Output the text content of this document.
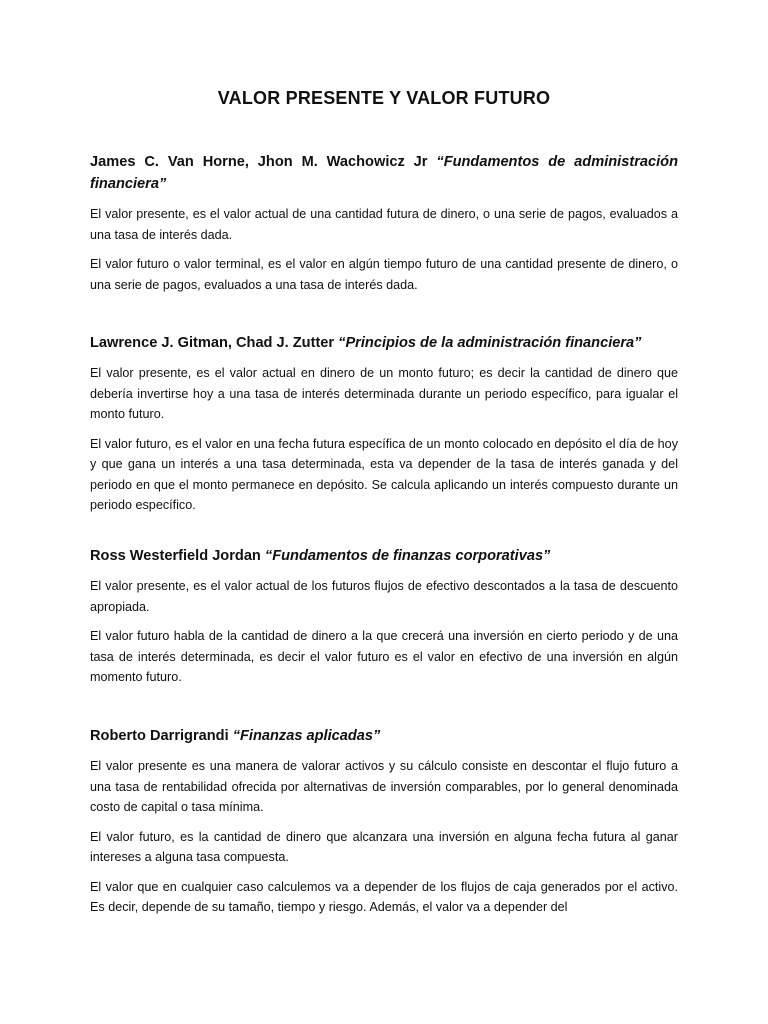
VALOR PRESENTE Y VALOR FUTURO

James C. Van Horne, Jhon M. Wachowicz Jr “Fundamentos de administración financiera”

El valor presente, es el valor actual de una cantidad futura de dinero, o una serie de pagos, evaluados a una tasa de interés dada.

El valor futuro o valor terminal, es el valor en algún tiempo futuro de una cantidad presente de dinero, o una serie de pagos, evaluados a una tasa de interés dada.

Lawrence J. Gitman, Chad J. Zutter “Principios de la administración financiera”

El valor presente, es el valor actual en dinero de un monto futuro; es decir la cantidad de dinero que debería invertirse hoy a una tasa de interés determinada durante un periodo específico, para igualar el monto futuro.

El valor futuro, es el valor en una fecha futura específica de un monto colocado en depósito el día de hoy y que gana un interés a una tasa determinada, esta va depender de la tasa de interés ganada y del periodo en que el monto permanece en depósito. Se calcula aplicando un interés compuesto durante un periodo específico.

Ross Westerfield Jordan “Fundamentos de finanzas corporativas”

El valor presente, es el valor actual de los futuros flujos de efectivo descontados a la tasa de descuento apropiada.

El valor futuro habla de la cantidad de dinero a la que crecerá una inversión en cierto periodo y de una tasa de interés determinada, es decir el valor futuro es el valor en efectivo de una inversión en algún momento futuro.

Roberto Darrigrandi “Finanzas aplicadas”

El valor presente es una manera de valorar activos y su cálculo consiste en descontar el flujo futuro a una tasa de rentabilidad ofrecida por alternativas de inversión comparables, por lo general denominada costo de capital o tasa mínima.

El valor futuro, es la cantidad de dinero que alcanzara una inversión en alguna fecha futura al ganar intereses a alguna tasa compuesta.

El valor que en cualquier caso calculemos va a depender de los flujos de caja generados por el activo. Es decir, depende de su tamaño, tiempo y riesgo. Además, el valor va a depender del
